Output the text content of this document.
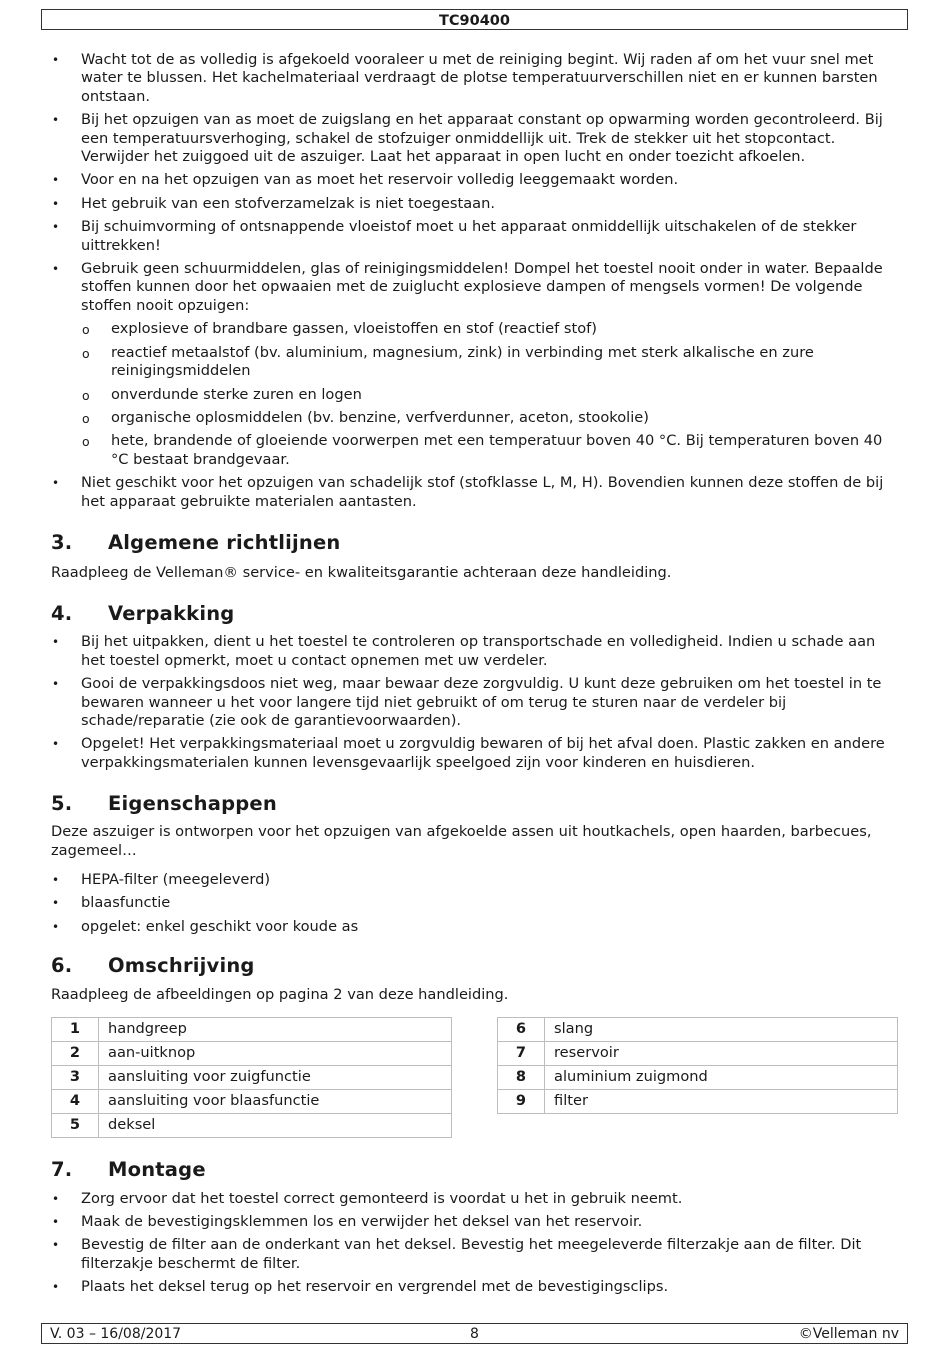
TC90400
• Wacht tot de as volledig is afgekoeld vooraleer u met de reiniging begint. Wij raden af om het vuur snel met water te blussen. Het kachelmateriaal verdraagt de plotse temperatuurverschillen niet en er kunnen barsten ontstaan.
• Bij het opzuigen van as moet de zuigslang en het apparaat constant op opwarming worden gecontroleerd. Bij een temperatuursverhoging, schakel de stofzuiger onmiddellijk uit. Trek de stekker uit het stopcontact. Verwijder het zuiggoed uit de aszuiger. Laat het apparaat in open lucht en onder toezicht afkoelen.
• Voor en na het opzuigen van as moet het reservoir volledig leeggemaakt worden.
• Het gebruik van een stofverzamelzak is niet toegestaan.
• Bij schuimvorming of ontsnappende vloeistof moet u het apparaat onmiddellijk uitschakelen of de stekker uittrekken!
• Gebruik geen schuurmiddelen, glas of reinigingsmiddelen! Dompel het toestel nooit onder in water. Bepaalde stoffen kunnen door het opwaaien met de zuiglucht explosieve dampen of mengsels vormen! De volgende stoffen nooit opzuigen:
o explosieve of brandbare gassen, vloeistoffen en stof (reactief stof)
o reactief metaalstof (bv. aluminium, magnesium, zink) in verbinding met sterk alkalische en zure reinigingsmiddelen
o onverdunde sterke zuren en logen
o organische oplosmiddelen (bv. benzine, verfverdunner, aceton, stookolie)
o hete, brandende of gloeiende voorwerpen met een temperatuur boven 40 °C. Bij temperaturen boven 40 °C bestaat brandgevaar.
• Niet geschikt voor het opzuigen van schadelijk stof (stofklasse L, M, H). Bovendien kunnen deze stoffen de bij het apparaat gebruikte materialen aantasten.
3.	Algemene richtlijnen

Raadpleeg de Velleman® service- en kwaliteitsgarantie achteraan deze handleiding.

4.	Verpakking
• Bij het uitpakken, dient u het toestel te controleren op transportschade en volledigheid. Indien u schade aan het toestel opmerkt, moet u contact opnemen met uw verdeler.
• Gooi de verpakkingsdoos niet weg, maar bewaar deze zorgvuldig. U kunt deze gebruiken om het toestel in te bewaren wanneer u het voor langere tijd niet gebruikt of om terug te sturen naar de verdeler bij schade/reparatie (zie ook de garantievoorwaarden).
• Opgelet! Het verpakkingsmateriaal moet u zorgvuldig bewaren of bij het afval doen. Plastic zakken en andere verpakkingsmaterialen kunnen levensgevaarlijk speelgoed zijn voor kinderen en huisdieren.
5.	Eigenschappen

Deze aszuiger is ontworpen voor het opzuigen van afgekoelde assen uit houtkachels, open haarden, barbecues, zagemeel…

• HEPA-filter (meegeleverd)
• blaasfunctie
• opgelet: enkel geschikt voor koude as
6.	Omschrijving

Raadpleeg de afbeeldingen op pagina 2 van deze handleiding.

1	handgreep
2	aan-uitknop
3	aansluiting voor zuigfunctie
4	aansluiting voor blaasfunctie
5	deksel
6	slang
7	reservoir
8	aluminium zuigmond
9	filter
7.	Montage
• Zorg ervoor dat het toestel correct gemonteerd is voordat u het in gebruik neemt.
• Maak de bevestigingsklemmen los en verwijder het deksel van het reservoir.
• Bevestig de filter aan de onderkant van het deksel. Bevestig het meegeleverde filterzakje aan de filter. Dit filterzakje beschermt de filter.
• Plaats het deksel terug op het reservoir en vergrendel met de bevestigingsclips.
V. 03 – 16/08/2017	8	©Velleman nv
